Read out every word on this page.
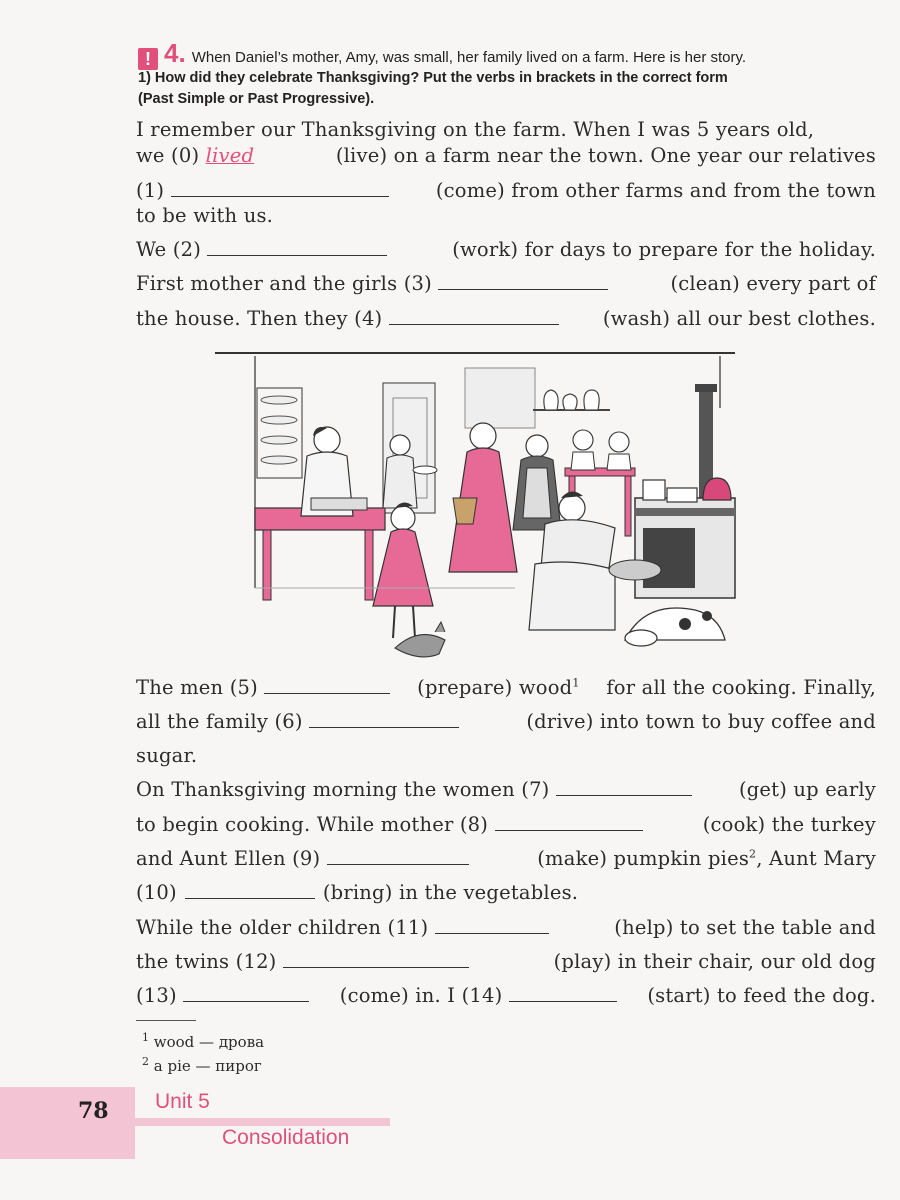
! 4. When Daniel’s mother, Amy, was small, her family lived on a farm. Here is her story.
1) How did they celebrate Thanksgiving? Put the verbs in brackets in the correct form
(Past Simple or Past Progressive).
I remember our Thanksgiving on the farm. When I was 5 years old,
we (0) lived	(live) on a farm near the town. One year our relatives
(1)	(come) from other farms and from the town
to be with us.
We (2)	(work) for days to prepare for the holiday.
First mother and the girls (3)	(clean) every part of
the house. Then they (4)	(wash) all our best clothes.
The men (5)	(prepare) wood$^1$ for all the cooking. Finally,
all the family (6)	(drive) into town to buy coffee and
sugar.
On Thanksgiving morning the women (7)	(get) up early
to begin cooking. While mother (8)	(cook) the turkey
and Aunt Ellen (9)	(make) pumpkin pies$^2$, Aunt Mary
(10)	(bring) in the vegetables.
While the older children (11)	(help) to set the table and
the twins (12)	(play) in their chair, our old dog
(13)	(come) in. I (14)	(start) to feed the dog.
$^1$ wood — дрова
$^2$ a pie — пирог
78 Unit 5
Consolidation
